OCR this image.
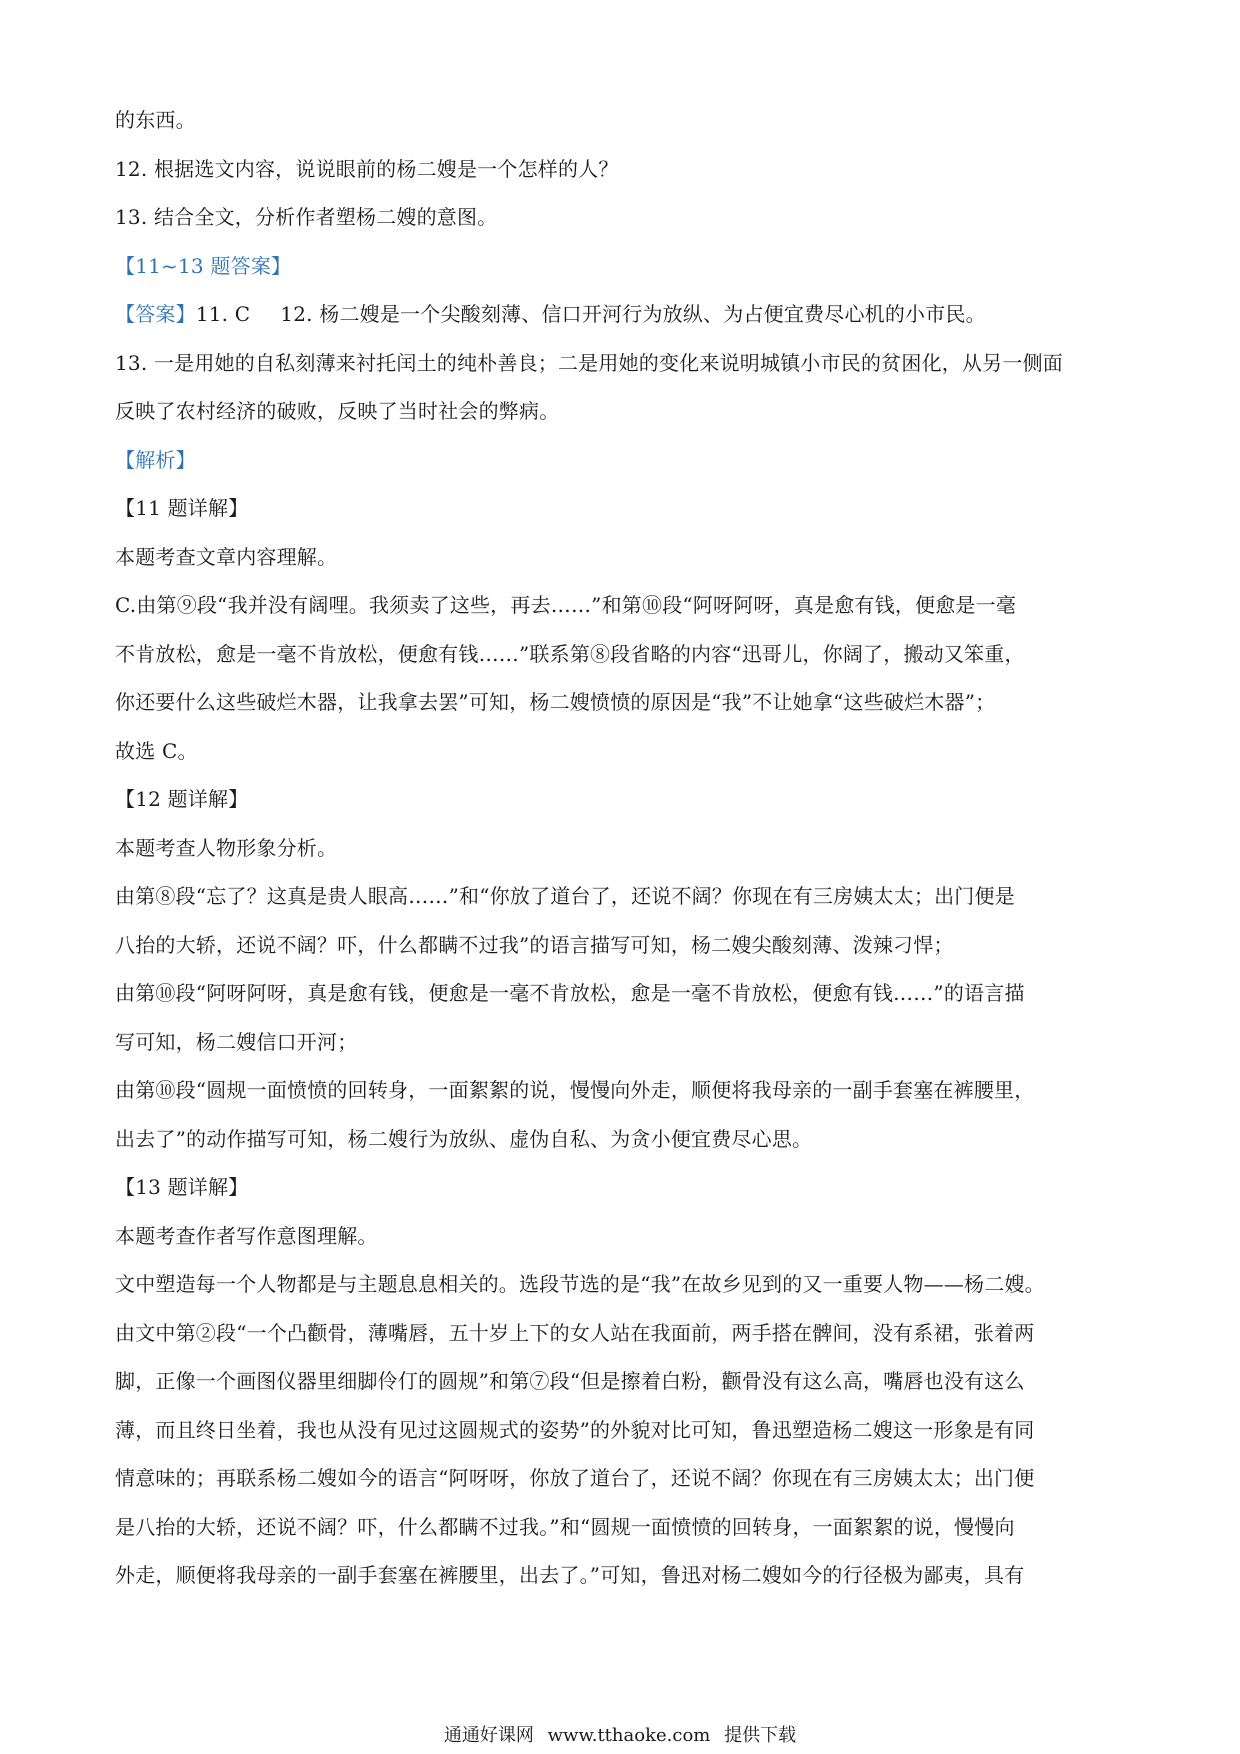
的东西。
12. 根据选文内容，说说眼前的杨二嫂是一个怎样的人？
13. 结合全文，分析作者塑杨二嫂的意图。
【11~13 题答案】
【答案】11. C 12. 杨二嫂是一个尖酸刻薄、信口开河行为放纵、为占便宜费尽心机的小市民。
13. 一是用她的自私刻薄来衬托闰土的纯朴善良；二是用她的变化来说明城镇小市民的贫困化，从另一侧面
反映了农村经济的破败，反映了当时社会的弊病。
【解析】
【11 题详解】
本题考查文章内容理解。
C.由第⑨段“我并没有阔哩。我须卖了这些，再去……”和第⑩段“阿呀阿呀，真是愈有钱，便愈是一毫
不肯放松，愈是一毫不肯放松，便愈有钱……”联系第⑧段省略的内容“迅哥儿，你阔了，搬动又笨重，
你还要什么这些破烂木器，让我拿去罢”可知，杨二嫂愤愤的原因是“我”不让她拿“这些破烂木器”；
故选 C。
【12 题详解】
本题考查人物形象分析。
由第⑧段“忘了？这真是贵人眼高……”和“你放了道台了，还说不阔？你现在有三房姨太太；出门便是
八抬的大轿，还说不阔？吓，什么都瞒不过我”的语言描写可知，杨二嫂尖酸刻薄、泼辣刁悍；
由第⑩段“阿呀阿呀，真是愈有钱，便愈是一毫不肯放松，愈是一毫不肯放松，便愈有钱……”的语言描
写可知，杨二嫂信口开河；
由第⑩段“圆规一面愤愤的回转身，一面絮絮的说，慢慢向外走，顺便将我母亲的一副手套塞在裤腰里，
出去了”的动作描写可知，杨二嫂行为放纵、虚伪自私、为贪小便宜费尽心思。
【13 题详解】
本题考查作者写作意图理解。
文中塑造每一个人物都是与主题息息相关的。选段节选的是“我”在故乡见到的又一重要人物——杨二嫂。
由文中第②段“一个凸颧骨，薄嘴唇，五十岁上下的女人站在我面前，两手搭在髀间，没有系裙，张着两
脚，正像一个画图仪器里细脚伶仃的圆规”和第⑦段“但是擦着白粉，颧骨没有这么高，嘴唇也没有这么
薄，而且终日坐着，我也从没有见过这圆规式的姿势”的外貌对比可知，鲁迅塑造杨二嫂这一形象是有同
情意味的；再联系杨二嫂如今的语言“阿呀呀，你放了道台了，还说不阔？你现在有三房姨太太；出门便
是八抬的大轿，还说不阔？吓，什么都瞒不过我。”和“圆规一面愤愤的回转身，一面絮絮的说，慢慢向
外走，顺便将我母亲的一副手套塞在裤腰里，出去了。”可知，鲁迅对杨二嫂如今的行径极为鄙夷，具有
通通好课网 www.tthaoke.com 提供下载
